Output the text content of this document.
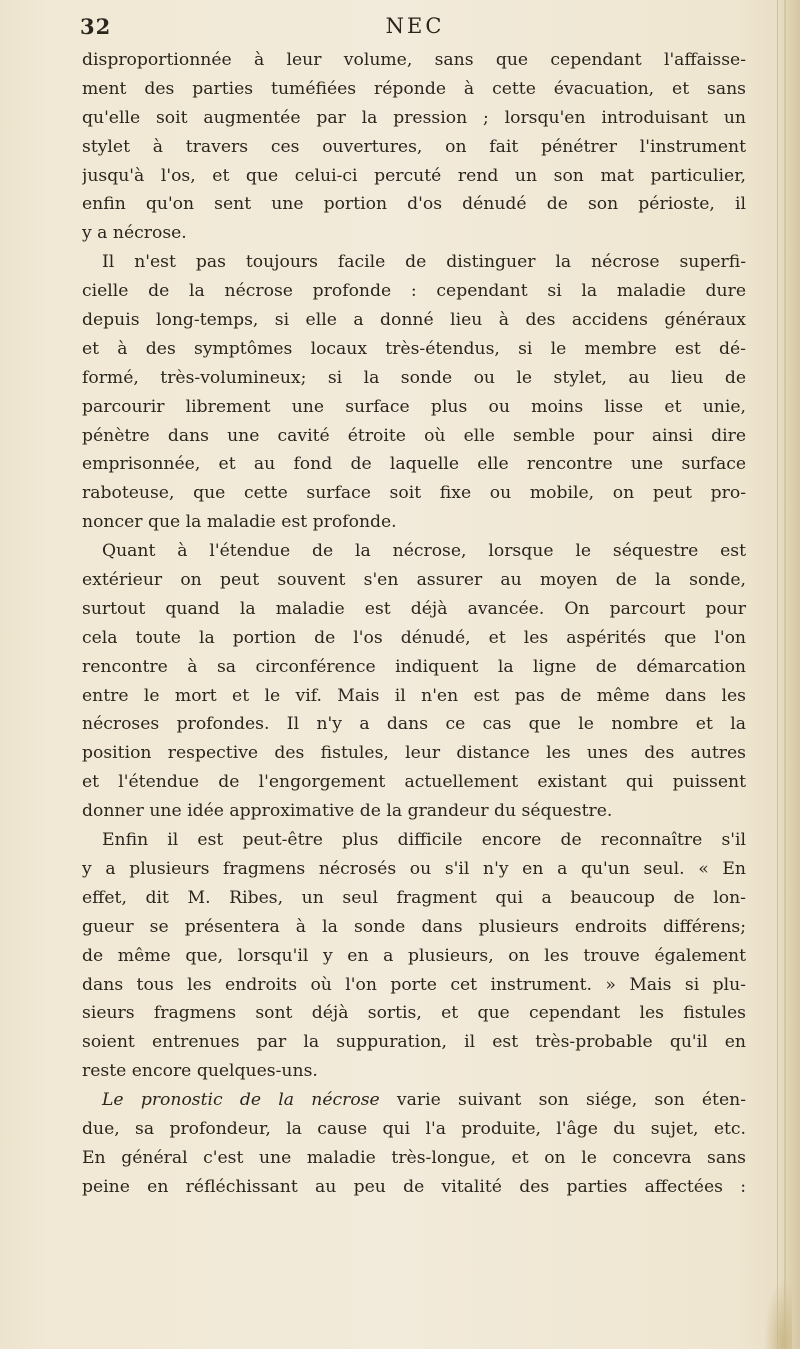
NEC
32
disproportionnée à leur volume, sans que cependant l'affaisse-
ment des parties tuméfiées réponde à cette évacuation, et sans
qu'elle soit augmentée par la pression ; lorsqu'en introduisant un
stylet à travers ces ouvertures, on fait pénétrer l'instrument
jusqu'à l'os, et que celui-ci percuté rend un son mat particulier,
enfin qu'on sent une portion d'os dénudé de son périoste, il
y a nécrose.
Il n'est pas toujours facile de distinguer la nécrose superfi-
cielle de la nécrose profonde : cependant si la maladie dure
depuis long-temps, si elle a donné lieu à des accidens généraux
et à des symptômes locaux très-étendus, si le membre est dé-
formé, très-volumineux; si la sonde ou le stylet, au lieu de
parcourir librement une surface plus ou moins lisse et unie,
pénètre dans une cavité étroite où elle semble pour ainsi dire
emprisonnée, et au fond de laquelle elle rencontre une surface
raboteuse, que cette surface soit fixe ou mobile, on peut pro-
noncer que la maladie est profonde.
Quant à l'étendue de la nécrose, lorsque le séquestre est
extérieur on peut souvent s'en assurer au moyen de la sonde,
surtout quand la maladie est déjà avancée. On parcourt pour
cela toute la portion de l'os dénudé, et les aspérités que l'on
rencontre à sa circonférence indiquent la ligne de démarcation
entre le mort et le vif. Mais il n'en est pas de même dans les
nécroses profondes. Il n'y a dans ce cas que le nombre et la
position respective des fistules, leur distance les unes des autres
et l'étendue de l'engorgement actuellement existant qui puissent
donner une idée approximative de la grandeur du séquestre.
Enfin il est peut-être plus difficile encore de reconnaître s'il
y a plusieurs fragmens nécrosés ou s'il n'y en a qu'un seul. « En
effet, dit M. Ribes, un seul fragment qui a beaucoup de lon-
gueur se présentera à la sonde dans plusieurs endroits différens;
de même que, lorsqu'il y en a plusieurs, on les trouve également
dans tous les endroits où l'on porte cet instrument. » Mais si plu-
sieurs fragmens sont déjà sortis, et que cependant les fistules
soient entrenues par la suppuration, il est très-probable qu'il en
reste encore quelques-uns.
Le pronostic de la nécrose varie suivant son siége, son éten-
due, sa profondeur, la cause qui l'a produite, l'âge du sujet, etc.
En général c'est une maladie très-longue, et on le concevra sans
peine en réfléchissant au peu de vitalité des parties affectées :
